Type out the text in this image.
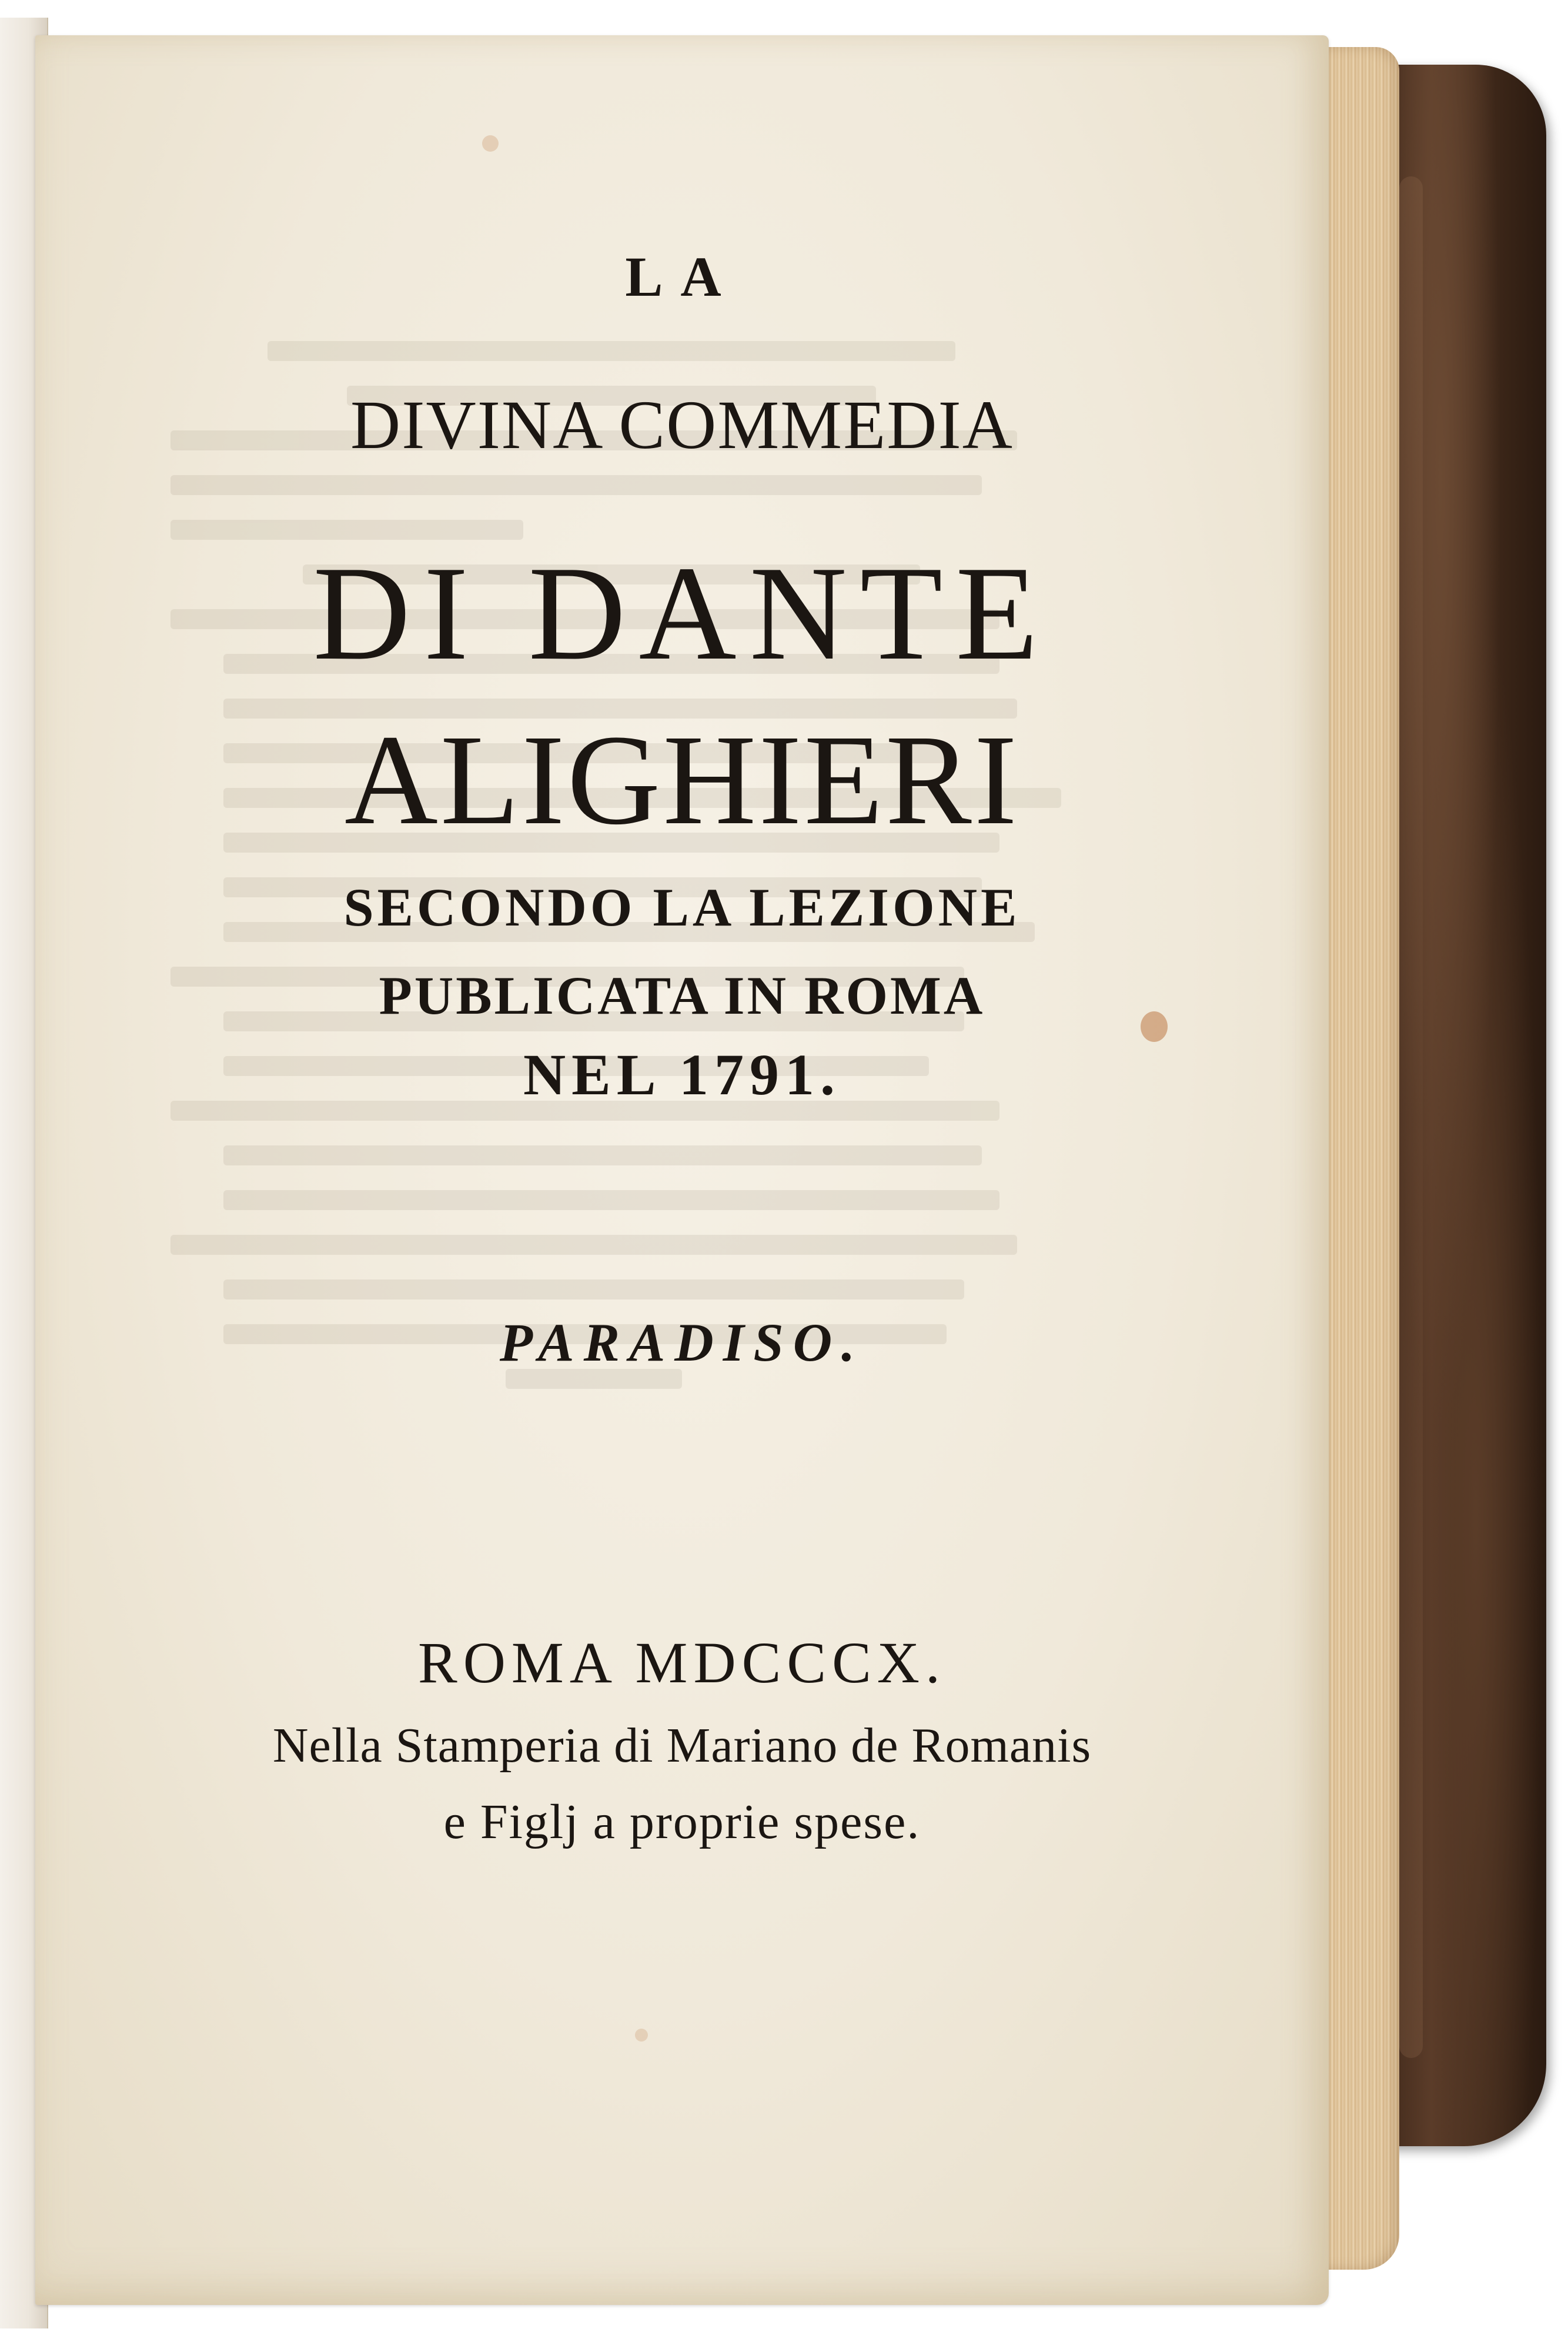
LA
DIVINA COMMEDIA
DI DANTE
ALIGHIERI
SECONDO LA LEZIONE
PUBLICATA IN ROMA
NEL 1791.
PARADISO.
ROMA MDCCCX.
Nella Stamperia di Mariano de Romanis
e Figlj a proprie spese.
